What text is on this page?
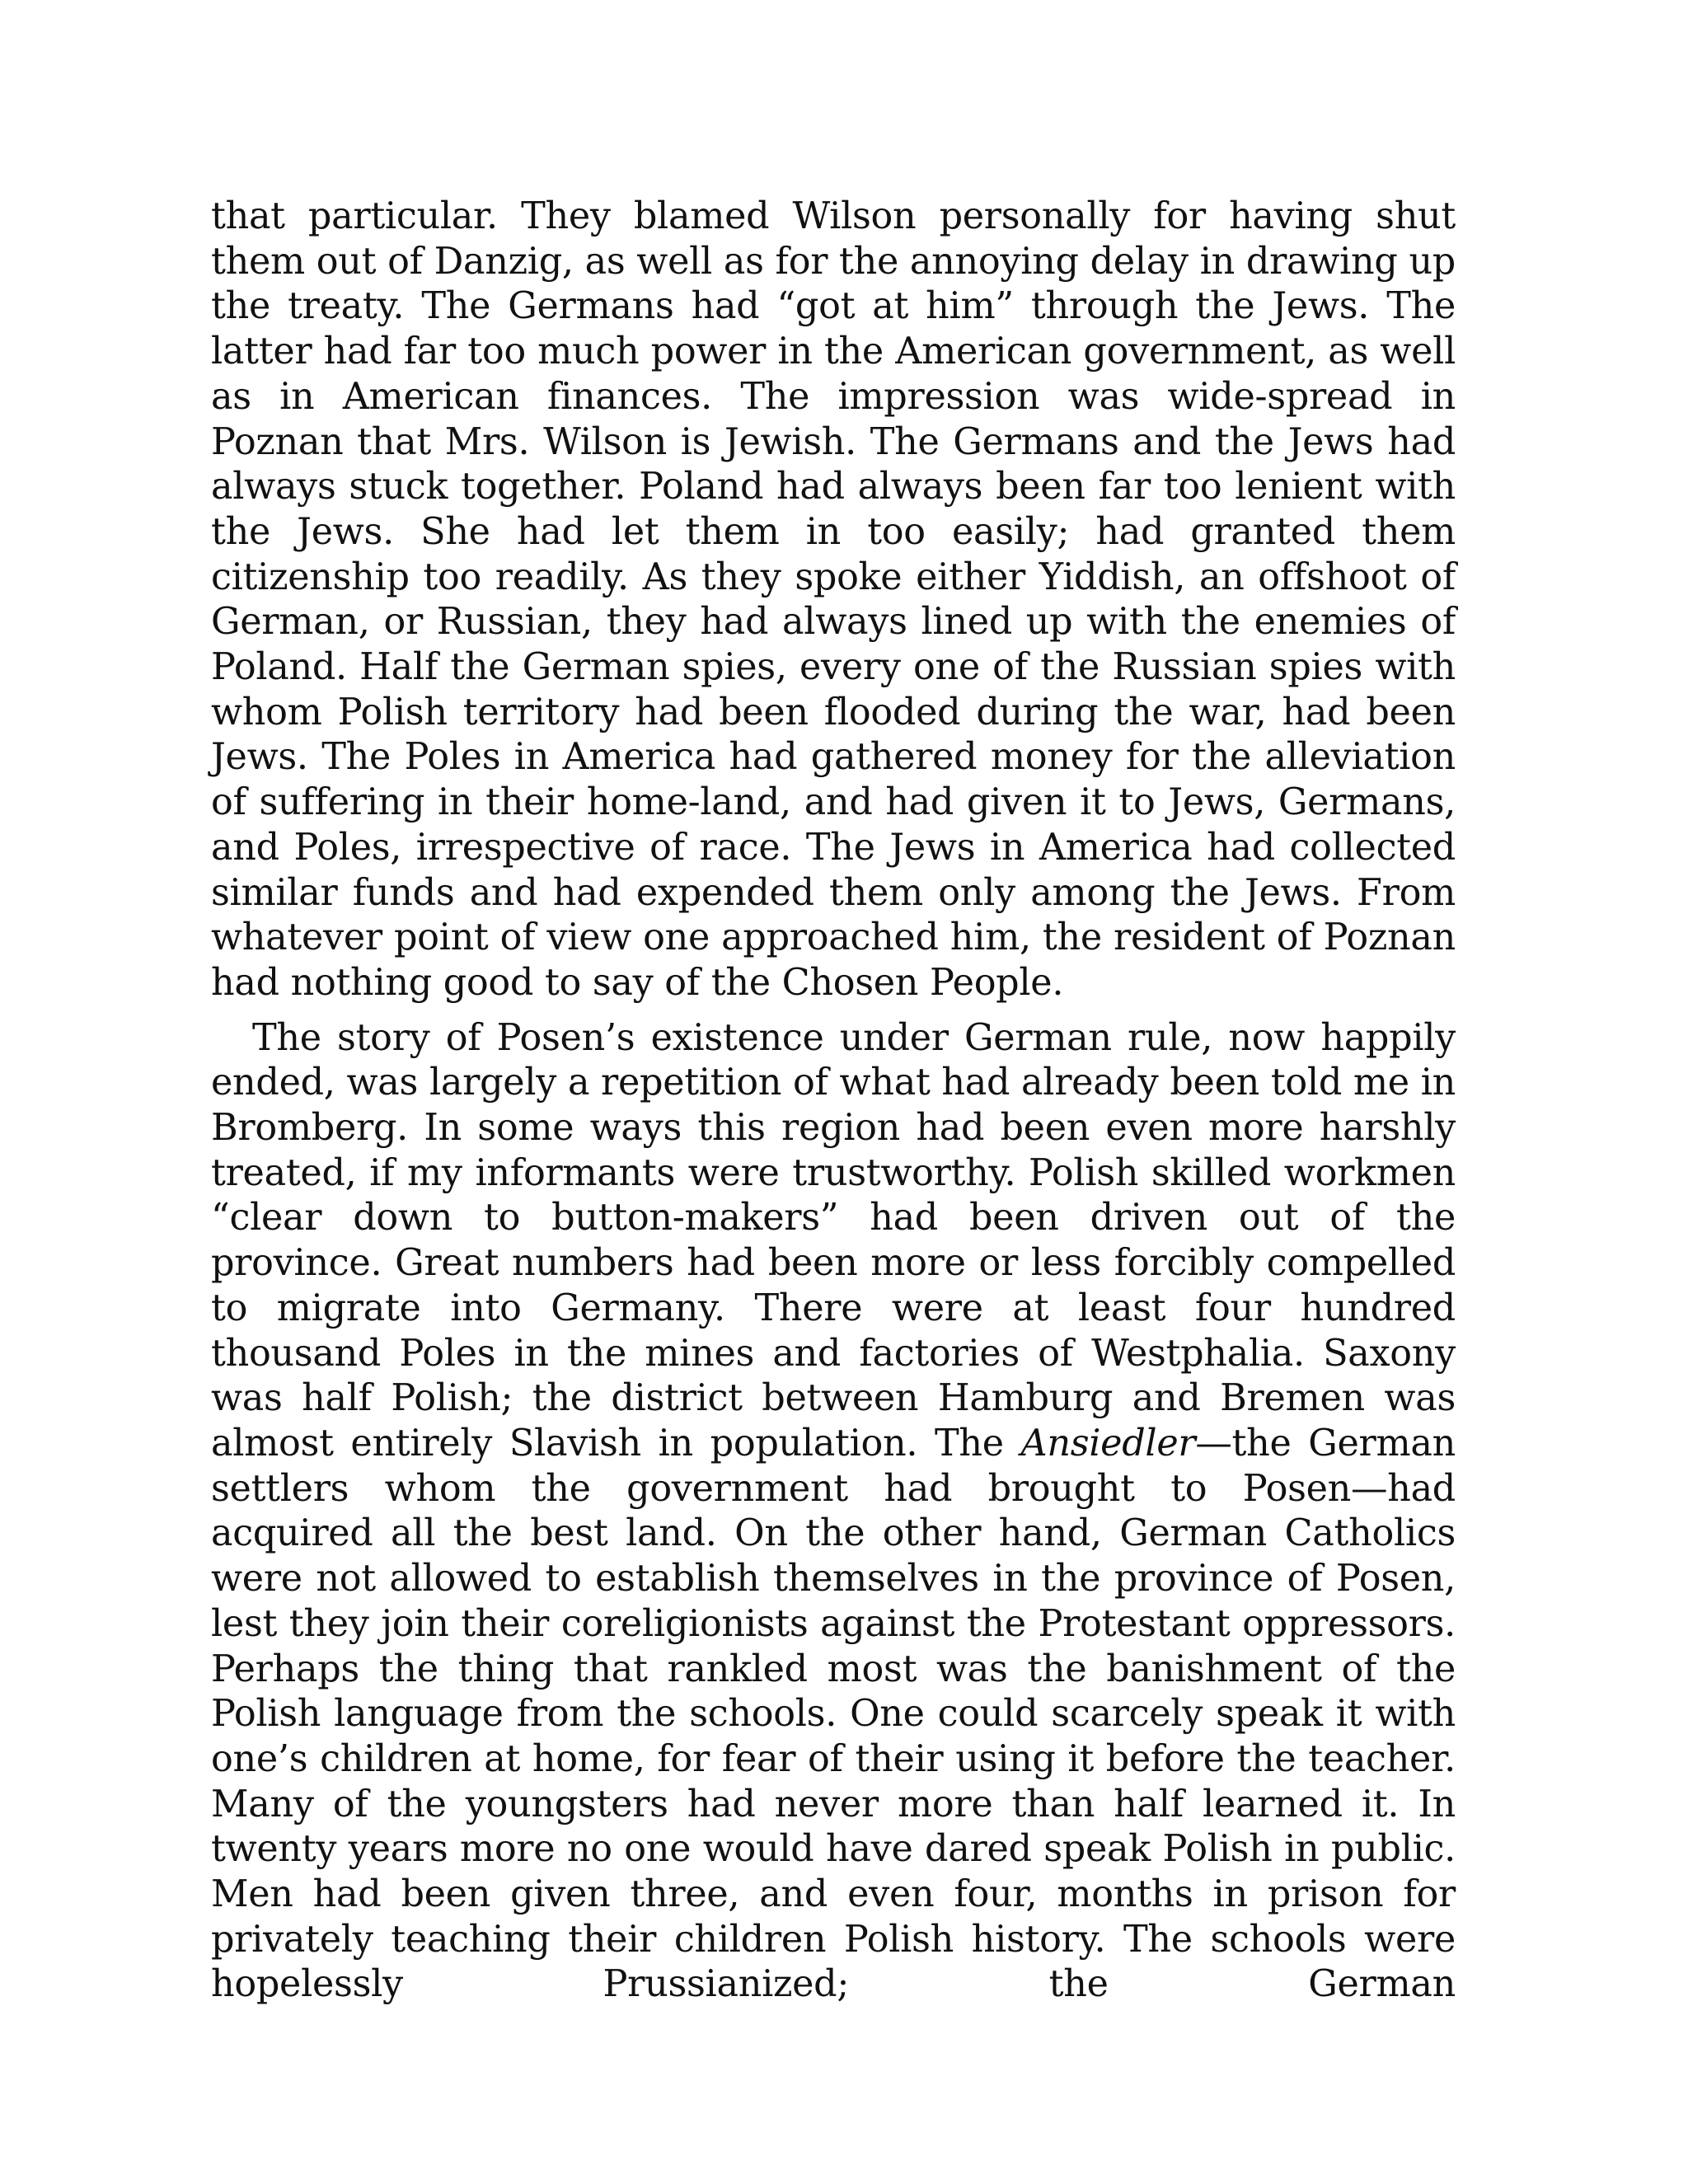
that particular. They blamed Wilson personally for having shut them out of Danzig, as well as for the annoying delay in drawing up the treaty. The Germans had “got at him” through the Jews. The latter had far too much power in the American government, as well as in American finances. The impression was wide-spread in Poznan that Mrs. Wilson is Jewish. The Germans and the Jews had always stuck together. Poland had always been far too lenient with the Jews. She had let them in too easily; had granted them citizenship too readily. As they spoke either Yiddish, an offshoot of German, or Russian, they had always lined up with the enemies of Poland. Half the German spies, every one of the Russian spies with whom Polish territory had been flooded during the war, had been Jews. The Poles in America had gathered money for the alleviation of suffering in their home-land, and had given it to Jews, Germans, and Poles, irrespective of race. The Jews in America had collected similar funds and had expended them only among the Jews. From whatever point of view one approached him, the resident of Poznan had nothing good to say of the Chosen People.

The story of Posen’s existence under German rule, now happily ended, was largely a repetition of what had already been told me in Bromberg. In some ways this region had been even more harshly treated, if my informants were trustworthy. Polish skilled workmen “clear down to button-makers” had been driven out of the province. Great numbers had been more or less forcibly compelled to migrate into Germany. There were at least four hundred thousand Poles in the mines and factories of Westphalia. Saxony was half Polish; the district between Hamburg and Bremen was almost entirely Slavish in population. The Ansiedler—the German settlers whom the government had brought to Posen—had acquired all the best land. On the other hand, German Catholics were not allowed to establish themselves in the province of Posen, lest they join their coreligionists against the Protestant oppressors. Perhaps the thing that rankled most was the banishment of the Polish language from the schools. One could scarcely speak it with one’s children at home, for fear of their using it before the teacher. Many of the youngsters had never more than half learned it. In twenty years more no one would have dared speak Polish in public. Men had been given three, and even four, months in prison for privately teaching their children Polish history. The schools were hopelessly Prussianized; the German
